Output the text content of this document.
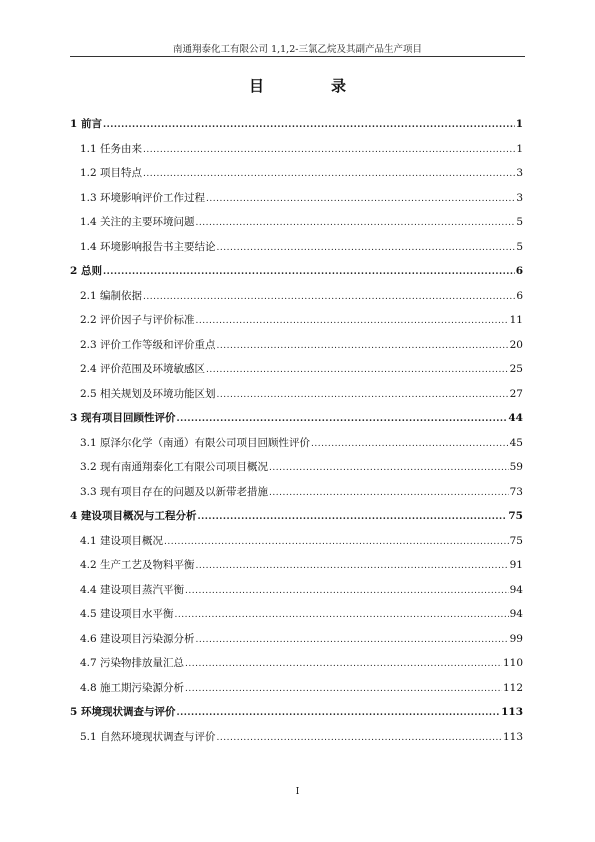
南通翔泰化工有限公司 1,1,2-三氯乙烷及其副产品生产项目
目　录
1 前言 .....	1
1.1 任务由来 .....	1
1.2 项目特点 .....	3
1.3 环境影响评价工作过程 .....	3
1.4 关注的主要环境问题 .....	5
1.4 环境影响报告书主要结论 .....	5
2 总则 .....	6
2.1 编制依据 .....	6
2.2 评价因子与评价标准 .....	11
2.3 评价工作等级和评价重点 .....	20
2.4 评价范围及环境敏感区 .....	25
2.5 相关规划及环境功能区划 .....	27
3 现有项目回顾性评价 .....	44
3.1 原泽尔化学（南通）有限公司项目回顾性评价 .....	45
3.2 现有南通翔泰化工有限公司项目概况 .....	59
3.3 现有项目存在的问题及以新带老措施 .....	73
4 建设项目概况与工程分析 .....	75
4.1 建设项目概况 .....	75
4.2 生产工艺及物料平衡 .....	91
4.4 建设项目蒸汽平衡 .....	94
4.5 建设项目水平衡 .....	94
4.6 建设项目污染源分析 .....	99
4.7 污染物排放量汇总 .....	110
4.8 施工期污染源分析 .....	112
5 环境现状调查与评价 .....	113
5.1 自然环境现状调查与评价 .....	113
I
